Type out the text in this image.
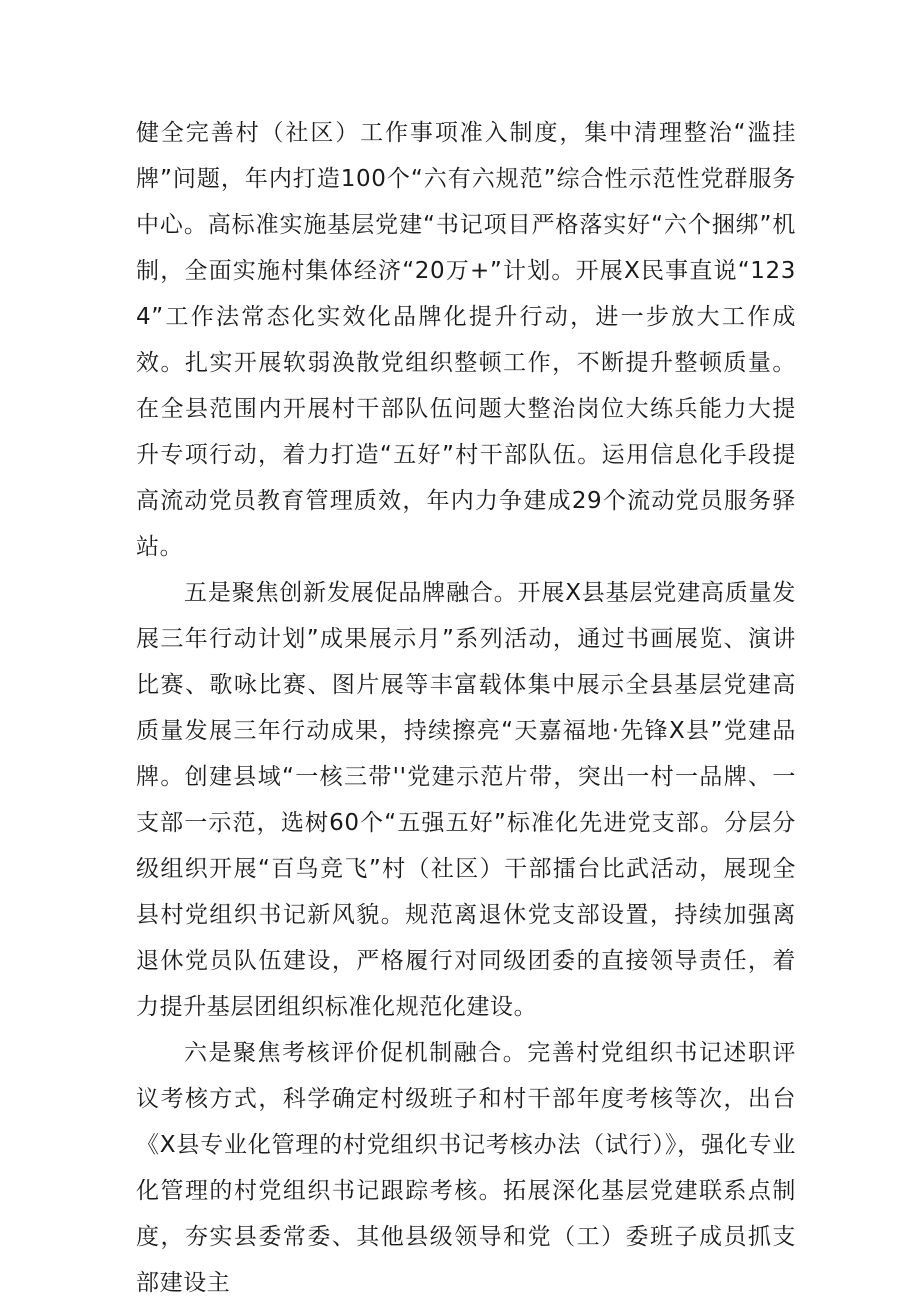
健全完善村（社区）工作事项准入制度，集中清理整治“滥挂牌”问题，年内打造100个“六有六规范”综合性示范性党群服务中心。高标准实施基层党建“书记项目严格落实好“六个捆绑”机制，全面实施村集体经济“20万+”计划。开展X民事直说“1234”工作法常态化实效化品牌化提升行动，进一步放大工作成效。扎实开展软弱涣散党组织整顿工作，不断提升整顿质量。在全县范围内开展村干部队伍问题大整治岗位大练兵能力大提升专项行动，着力打造“五好”村干部队伍。运用信息化手段提高流动党员教育管理质效，年内力争建成29个流动党员服务驿站。

五是聚焦创新发展促品牌融合。开展X县基层党建高质量发展三年行动计划”成果展示月”系列活动，通过书画展览、演讲比赛、歌咏比赛、图片展等丰富载体集中展示全县基层党建高质量发展三年行动成果，持续擦亮“天嘉福地·先锋X县”党建品牌。创建县域“一核三带''党建示范片带，突出一村一品牌、一支部一示范，选树60个“五强五好”标准化先进党支部。分层分级组织开展“百鸟竞飞”村（社区）干部擂台比武活动，展现全县村党组织书记新风貌。规范离退休党支部设置，持续加强离退休党员队伍建设，严格履行对同级团委的直接领导责任，着力提升基层团组织标准化规范化建设。

六是聚焦考核评价促机制融合。完善村党组织书记述职评议考核方式，科学确定村级班子和村干部年度考核等次，出台《X县专业化管理的村党组织书记考核办法（试行）》，强化专业化管理的村党组织书记跟踪考核。拓展深化基层党建联系点制度，夯实县委常委、其他县级领导和党（工）委班子成员抓支部建设主
